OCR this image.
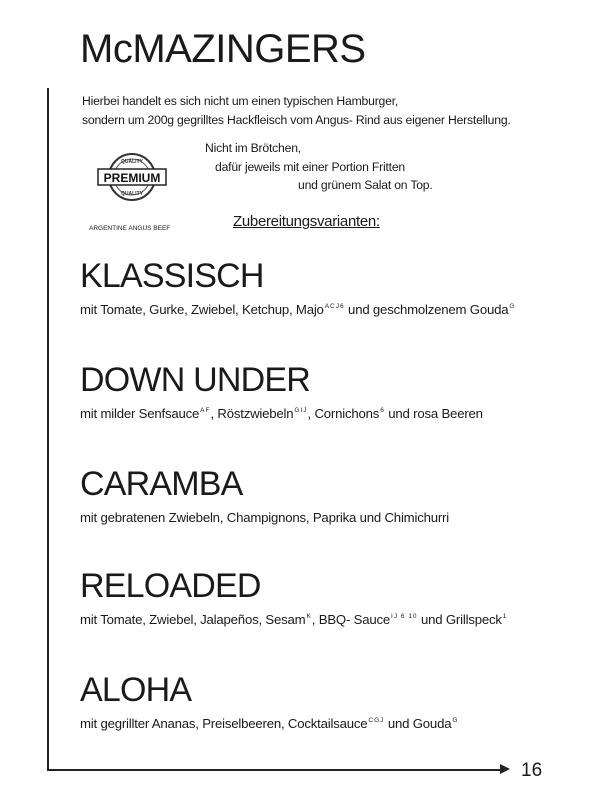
McMAZINGERS
Hierbei handelt es sich nicht um einen typischen Hamburger,
sondern um 200g gegrilltes Hackfleisch vom Angus- Rind aus eigener Herstellung.
Nicht im Brötchen,
dafür jeweils mit einer Portion Fritten
und grünem Salat on Top.
PREMIUM
QUALITY
QUALITY
ARGENTINE ANGUS BEEF	Zubereitungsvarianten:
KLASSISCH
mit Tomate, Gurke, Zwiebel, Ketchup, Majo$^{ACJ6}$ und geschmolzenem Gouda$^G$
DOWN UNDER
mit milder Senfsauce$^{AF}$, Röstzwiebeln$^{GIJ}$, Cornichons$^6$ und rosa Beeren
CARAMBA
mit gebratenen Zwiebeln, Champignons, Paprika und Chimichurri
RELOADED
mit Tomate, Zwiebel, Jalapeños, Sesam$^K$, BBQ- Sauce$^{IJ 6 10}$ und Grillspeck$^1$
ALOHA
mit gegrillter Ananas, Preiselbeeren, Cocktailsauce$^{CGJ}$ und Gouda$^G$
16
